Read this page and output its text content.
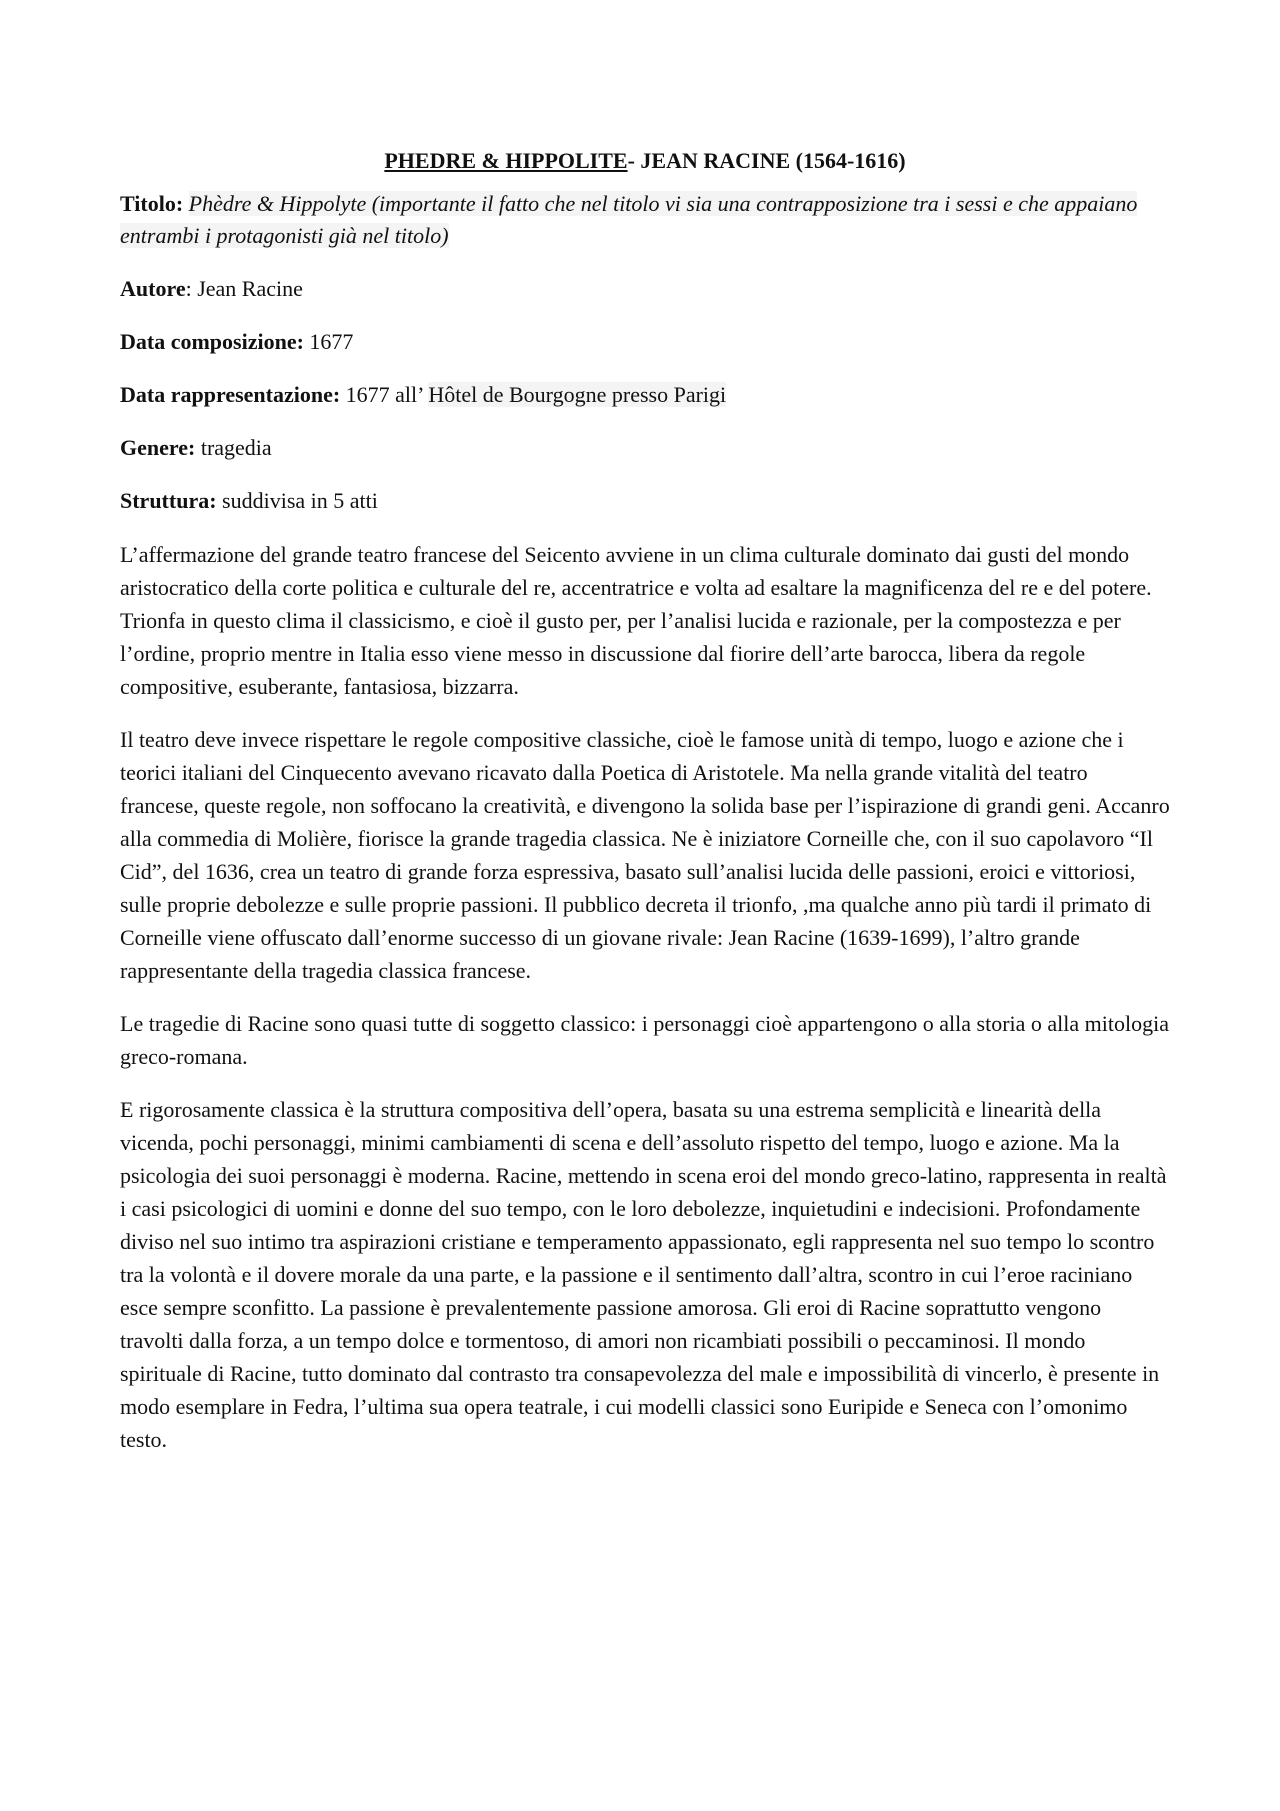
PHEDRE & HIPPOLITE- JEAN RACINE (1564-1616)

Titolo: Phèdre & Hippolyte (importante il fatto che nel titolo vi sia una contrapposizione tra i sessi e che appaiano entrambi i protagonisti già nel titolo)

Autore: Jean Racine

Data composizione: 1677

Data rappresentazione: 1677 all’ Hôtel de Bourgogne presso Parigi

Genere: tragedia

Struttura: suddivisa in 5 atti

L’affermazione del grande teatro francese del Seicento avviene in un clima culturale dominato dai gusti del mondo aristocratico della corte politica e culturale del re, accentratrice e volta ad esaltare la magnificenza del re e del potere. Trionfa in questo clima il classicismo, e cioè il gusto per, per l’analisi lucida e razionale, per la compostezza e per l’ordine, proprio mentre in Italia esso viene messo in discussione dal fiorire dell’arte barocca, libera da regole compositive, esuberante, fantasiosa, bizzarra.

Il teatro deve invece rispettare le regole compositive classiche, cioè le famose unità di tempo, luogo e azione che i teorici italiani del Cinquecento avevano ricavato dalla Poetica di Aristotele. Ma nella grande vitalità del teatro francese, queste regole, non soffocano la creatività, e divengono la solida base per l’ispirazione di grandi geni. Accanro alla commedia di Molière, fiorisce la grande tragedia classica. Ne è iniziatore Corneille che, con il suo capolavoro “Il Cid”, del 1636, crea un teatro di grande forza espressiva, basato sull’analisi lucida delle passioni, eroici e vittoriosi, sulle proprie debolezze e sulle proprie passioni. Il pubblico decreta il trionfo, ,ma qualche anno più tardi il primato di Corneille viene offuscato dall’enorme successo di un giovane rivale: Jean Racine (1639-1699), l’altro grande rappresentante della tragedia classica francese.

Le tragedie di Racine sono quasi tutte di soggetto classico: i personaggi cioè appartengono o alla storia o alla mitologia greco-romana.

E rigorosamente classica è la struttura compositiva dell’opera, basata su una estrema semplicità e linearità della vicenda, pochi personaggi, minimi cambiamenti di scena e dell’assoluto rispetto del tempo, luogo e azione. Ma la psicologia dei suoi personaggi è moderna. Racine, mettendo in scena eroi del mondo greco-latino, rappresenta in realtà i casi psicologici di uomini e donne del suo tempo, con le loro debolezze, inquietudini e indecisioni. Profondamente diviso nel suo intimo tra aspirazioni cristiane e temperamento appassionato, egli rappresenta nel suo tempo lo scontro tra la volontà e il dovere morale da una parte, e la passione e il sentimento dall’altra, scontro in cui l’eroe raciniano esce sempre sconfitto. La passione è prevalentemente passione amorosa. Gli eroi di Racine soprattutto vengono travolti dalla forza, a un tempo dolce e tormentoso, di amori non ricambiati possibili o peccaminosi. Il mondo spirituale di Racine, tutto dominato dal contrasto tra consapevolezza del male e impossibilità di vincerlo, è presente in modo esemplare in Fedra, l’ultima sua opera teatrale, i cui modelli classici sono Euripide e Seneca con l’omonimo testo.
